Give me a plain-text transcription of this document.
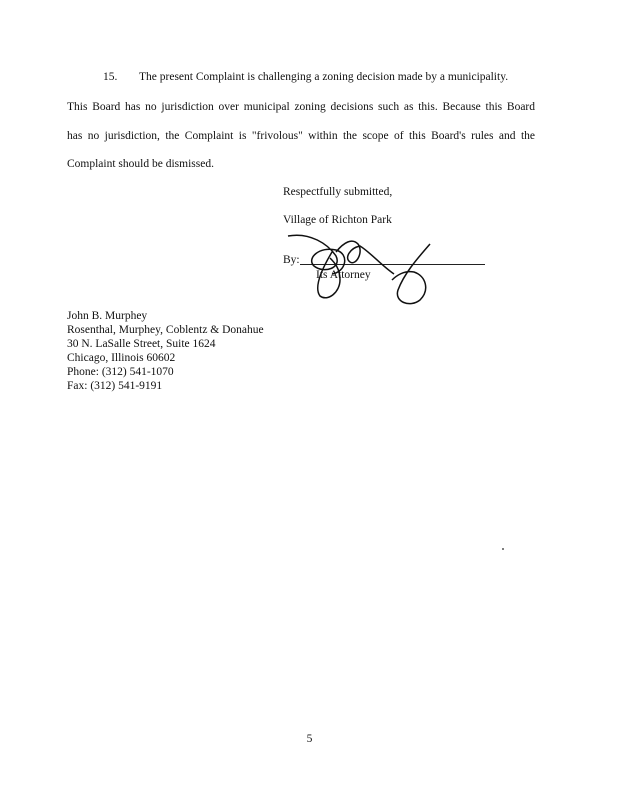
15. The present Complaint is challenging a zoning decision made by a municipality.
This Board has no jurisdiction over municipal zoning decisions such as this. Because this Board
has no jurisdiction, the Complaint is "frivolous" within the scope of this Board's rules and the
Complaint should be dismissed.
Respectfully submitted,
Village of Richton Park
By:
Its Attorney
John B. Murphey
Rosenthal, Murphey, Coblentz & Donahue
30 N. LaSalle Street, Suite 1624
Chicago, Illinois 60602
Phone: (312) 541-1070
Fax: (312) 541-9191
5
